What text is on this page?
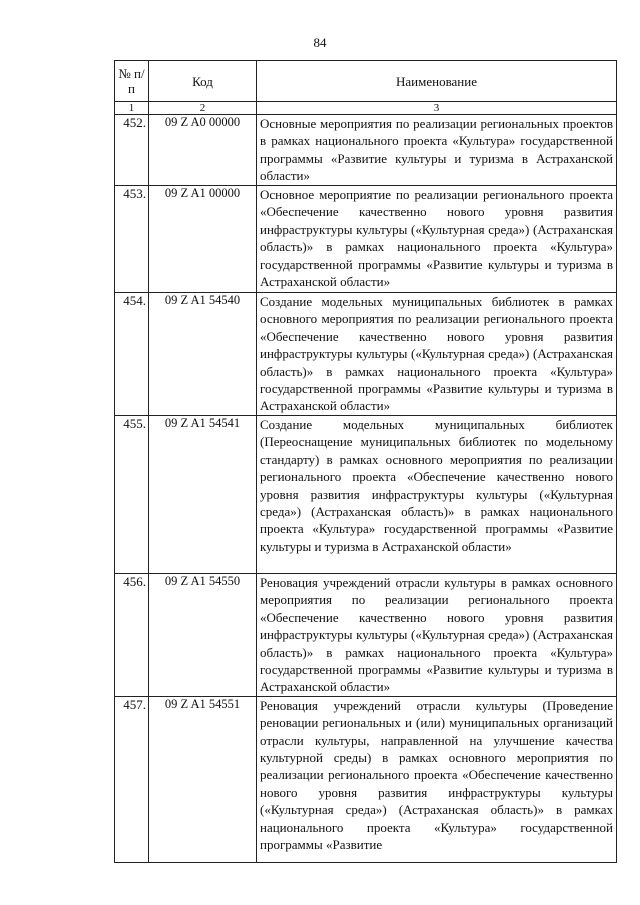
84
№ п/п	Код	Наименование
1	2	3
452.	09 Z A0 00000	Основные мероприятия по реализации региональных проектов в рамках национального проекта «Культура» государственной программы «Развитие культуры и туризма в Астраханской области»
453.	09 Z A1 00000	Основное мероприятие по реализации регионального проекта «Обеспечение качественно нового уровня развития инфраструктуры культуры («Культурная среда») (Астраханская область)» в рамках национального проекта «Культура» государственной программы «Развитие культуры и туризма в Астраханской области»
454.	09 Z A1 54540	Создание модельных муниципальных библиотек в рамках основного мероприятия по реализации регионального проекта «Обеспечение качественно нового уровня развития инфраструктуры культуры («Культурная среда») (Астраханская область)» в рамках национального проекта «Культура» государственной программы «Развитие культуры и туризма в Астраханской области»
455.	09 Z A1 54541	Создание модельных муниципальных библиотек (Переоснащение муниципальных библиотек по модельному стандарту) в рамках основного мероприятия по реализации регионального проекта «Обеспечение качественно нового уровня развития инфраструктуры культуры («Культурная среда») (Астраханская область)» в рамках национального проекта «Культура» государственной программы «Развитие культуры и туризма в Астраханской области»
456.	09 Z A1 54550	Реновация учреждений отрасли культуры в рамках основного мероприятия по реализации регионального проекта «Обеспечение качественно нового уровня развития инфраструктуры культуры («Культурная среда») (Астраханская область)» в рамках национального проекта «Культура» государственной программы «Развитие культуры и туризма в Астраханской области»
457.	09 Z A1 54551	Реновация учреждений отрасли культуры (Проведение реновации региональных и (или) муниципальных организаций отрасли культуры, направленной на улучшение качества культурной среды) в рамках основного мероприятия по реализации регионального проекта «Обеспечение качественно нового уровня развития инфраструктуры культуры («Культурная среда») (Астраханская область)» в рамках национального проекта «Культура» государственной программы «Развитие
